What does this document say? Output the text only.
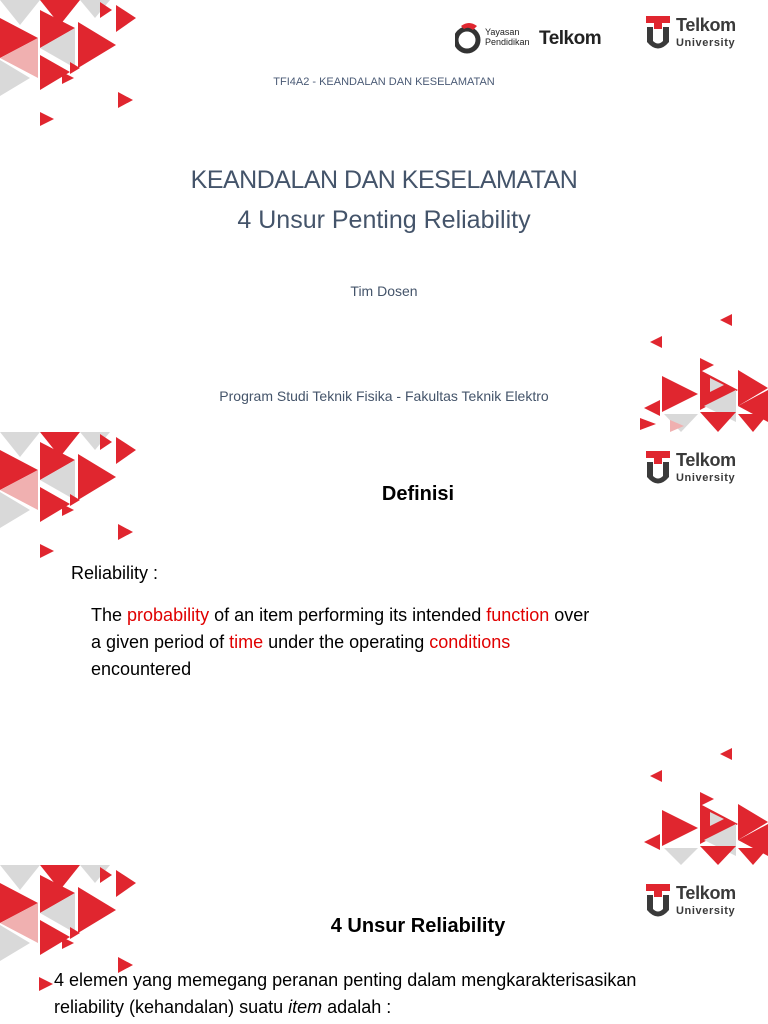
Yayasan
Pendidikan Telkom
Telkom
University
TFI4A2 - KEANDALAN DAN KESELAMATAN
KEANDALAN DAN KESELAMATAN
4 Unsur Penting Reliability
Tim Dosen
Program Studi Teknik Fisika - Fakultas Teknik Elektro
Telkom
University
Definisi
Reliability :
The probability of an item performing its intended function over
a given period of time under the operating conditions
encountered
Telkom
University
4 Unsur Reliability
4 elemen yang memegang peranan penting dalam mengkarakterisasikan
reliability (kehandalan) suatu item adalah :
